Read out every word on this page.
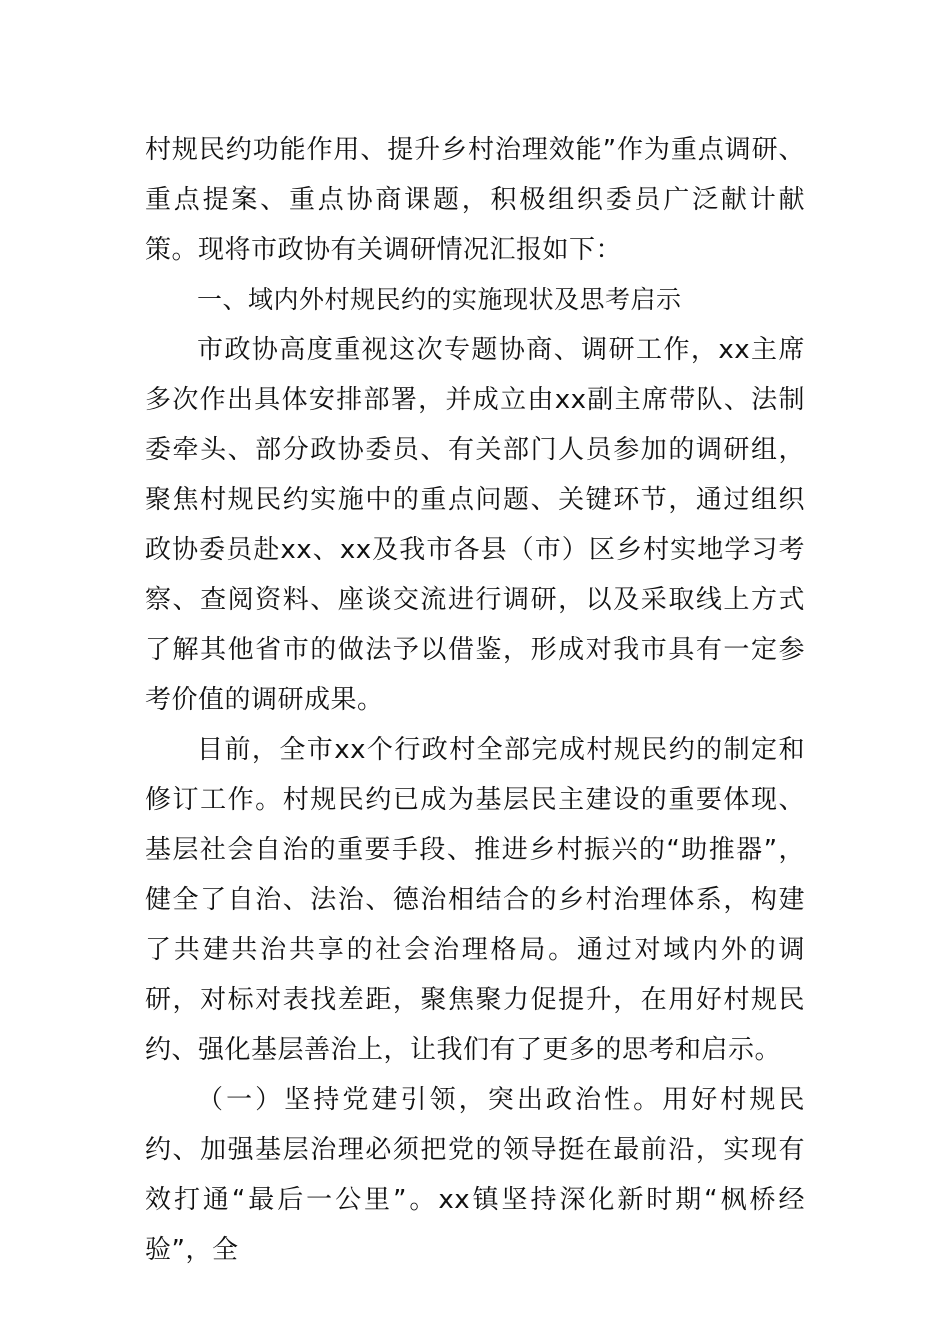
村规民约功能作用、提升乡村治理效能”作为重点调研、重点提案、重点协商课题，积极组织委员广泛献计献策。现将市政协有关调研情况汇报如下：

一、域内外村规民约的实施现状及思考启示

市政协高度重视这次专题协商、调研工作，xx主席多次作出具体安排部署，并成立由xx副主席带队、法制委牵头、部分政协委员、有关部门人员参加的调研组，聚焦村规民约实施中的重点问题、关键环节，通过组织政协委员赴xx、xx及我市各县（市）区乡村实地学习考察、查阅资料、座谈交流进行调研，以及采取线上方式了解其他省市的做法予以借鉴，形成对我市具有一定参考价值的调研成果。

目前，全市xx个行政村全部完成村规民约的制定和修订工作。村规民约已成为基层民主建设的重要体现、基层社会自治的重要手段、推进乡村振兴的“助推器”，健全了自治、法治、德治相结合的乡村治理体系，构建了共建共治共享的社会治理格局。通过对域内外的调研，对标对表找差距，聚焦聚力促提升，在用好村规民约、强化基层善治上，让我们有了更多的思考和启示。

（一）坚持党建引领，突出政治性。用好村规民约、加强基层治理必须把党的领导挺在最前沿，实现有效打通“最后一公里”。xx镇坚持深化新时期“枫桥经验”，全
